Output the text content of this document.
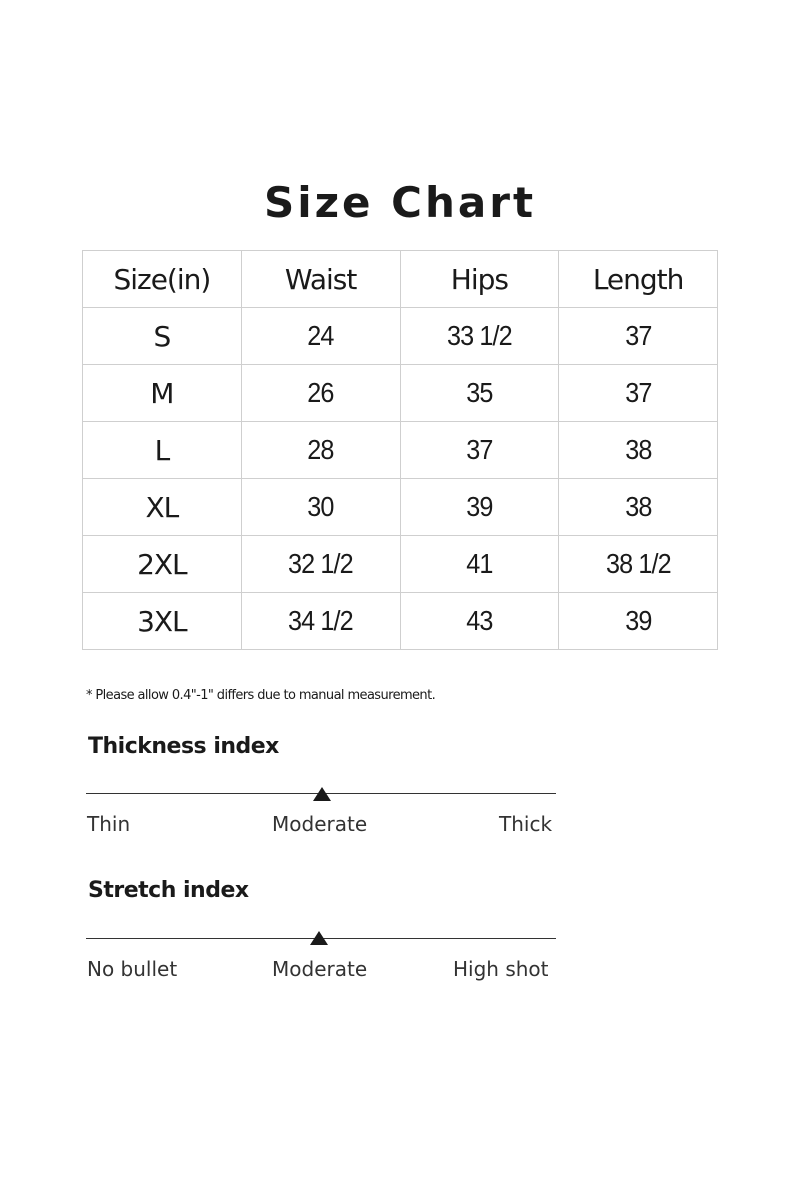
Size Chart
Size(in)	Waist	Hips	Length
S	24	33 1/2	37
M	26	35	37
L	28	37	38
XL	30	39	38
2XL	32 1/2	41	38 1/2
3XL	34 1/2	43	39
* Please allow 0.4"-1" differs due to manual measurement.
Thickness index
Thin	Moderate	Thick
Stretch index
No bullet	Moderate	High shot
